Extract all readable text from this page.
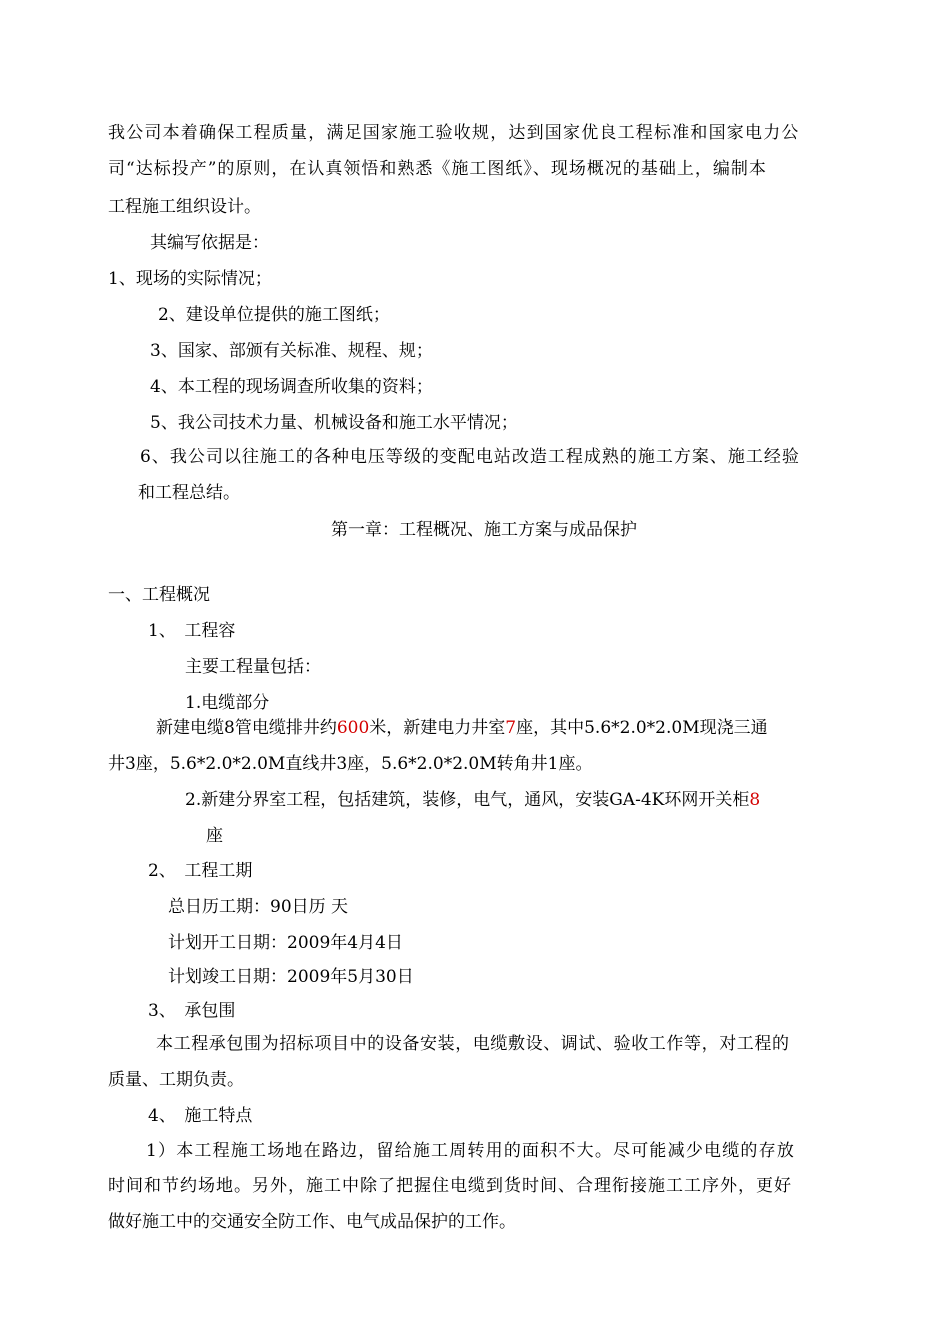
我公司本着确保工程质量，满足国家施工验收规，达到国家优良工程标准和国家电力公
司“达标投产”的原则，在认真领悟和熟悉《施工图纸》、现场概况的基础上，编制本
工程施工组织设计。
其编写依据是：
1、现场的实际情况；
2、建设单位提供的施工图纸；
3、国家、部颁有关标准、规程、规；
4、本工程的现场调查所收集的资料；
5、我公司技术力量、机械设备和施工水平情况；
6、我公司以往施工的各种电压等级的变配电站改造工程成熟的施工方案、施工经验
和工程总结。
第一章：工程概况、施工方案与成品保护
一、工程概况
1、　工程容
主要工程量包括：
1.电缆部分
新建电缆8管电缆排井约600米，新建电力井室7座，其中5.6*2.0*2.0M现浇三通
井3座，5.6*2.0*2.0M直线井3座，5.6*2.0*2.0M转角井1座。
2.新建分界室工程，包括建筑，装修，电气，通风，安装GA-4K环网开关柜8
座
2、　工程工期
总日历工期：90日历 天
计划开工日期：2009年4月4日
计划竣工日期：2009年5月30日
3、　承包围
本工程承包围为招标项目中的设备安装，电缆敷设、调试、验收工作等，对工程的
质量、工期负责。
4、　施工特点
1）本工程施工场地在路边，留给施工周转用的面积不大。尽可能减少电缆的存放
时间和节约场地。另外，施工中除了把握住电缆到货时间、合理衔接施工工序外，更好
做好施工中的交通安全防工作、电气成品保护的工作。
